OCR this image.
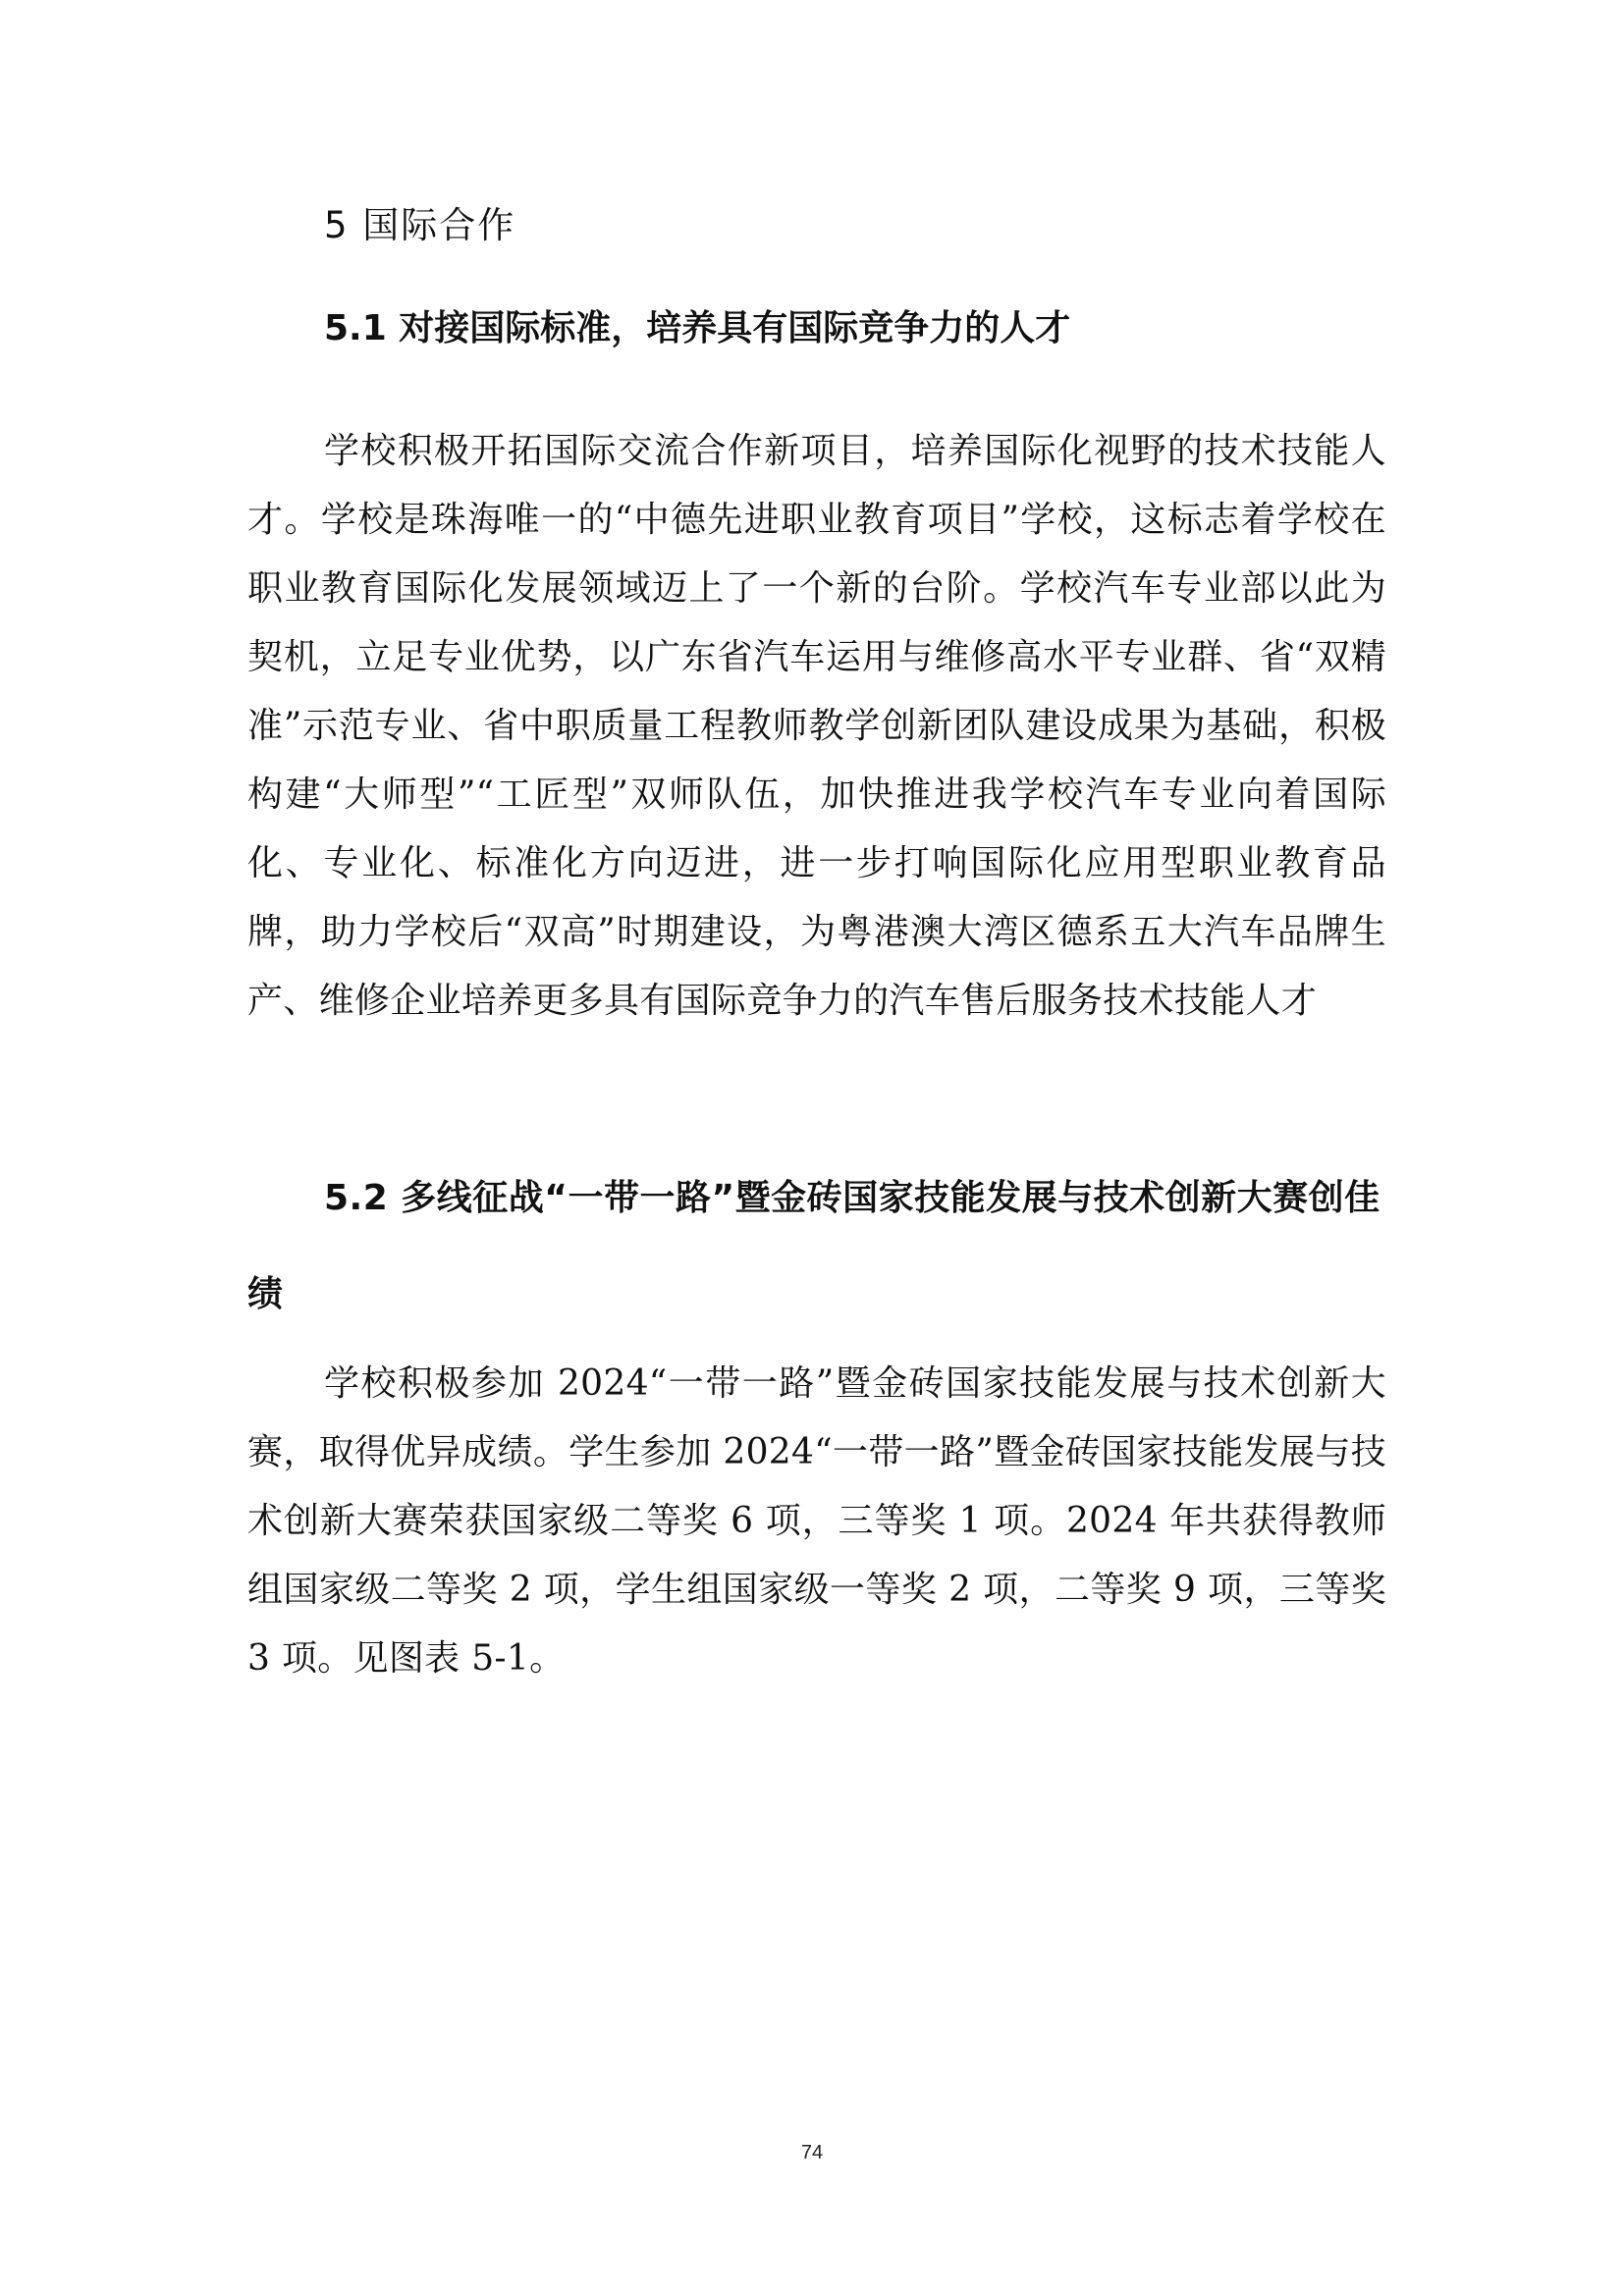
5 国际合作
5.1 对接国际标准，培养具有国际竞争力的人才

学校积极开拓国际交流合作新项目，培养国际化视野的技术技能人才。学校是珠海唯一的“中德先进职业教育项目”学校，这标志着学校在职业教育国际化发展领域迈上了一个新的台阶。学校汽车专业部以此为契机，立足专业优势，以广东省汽车运用与维修高水平专业群、省“双精准”示范专业、省中职质量工程教师教学创新团队建设成果为基础，积极构建“大师型”“工匠型”双师队伍，加快推进我学校汽车专业向着国际化、专业化、标准化方向迈进，进一步打响国际化应用型职业教育品牌，助力学校后“双高”时期建设，为粤港澳大湾区德系五大汽车品牌生产、维修企业培养更多具有国际竞争力的汽车售后服务技术技能人才

5.2 多线征战“一带一路”暨金砖国家技能发展与技术创新大赛创佳绩

学校积极参加 2024“一带一路”暨金砖国家技能发展与技术创新大赛，取得优异成绩。学生参加 2024“一带一路”暨金砖国家技能发展与技术创新大赛荣获国家级二等奖 6 项，三等奖 1 项。2024 年共获得教师组国家级二等奖 2 项，学生组国家级一等奖 2 项，二等奖 9 项，三等奖 3 项。见图表 5-1。

74
